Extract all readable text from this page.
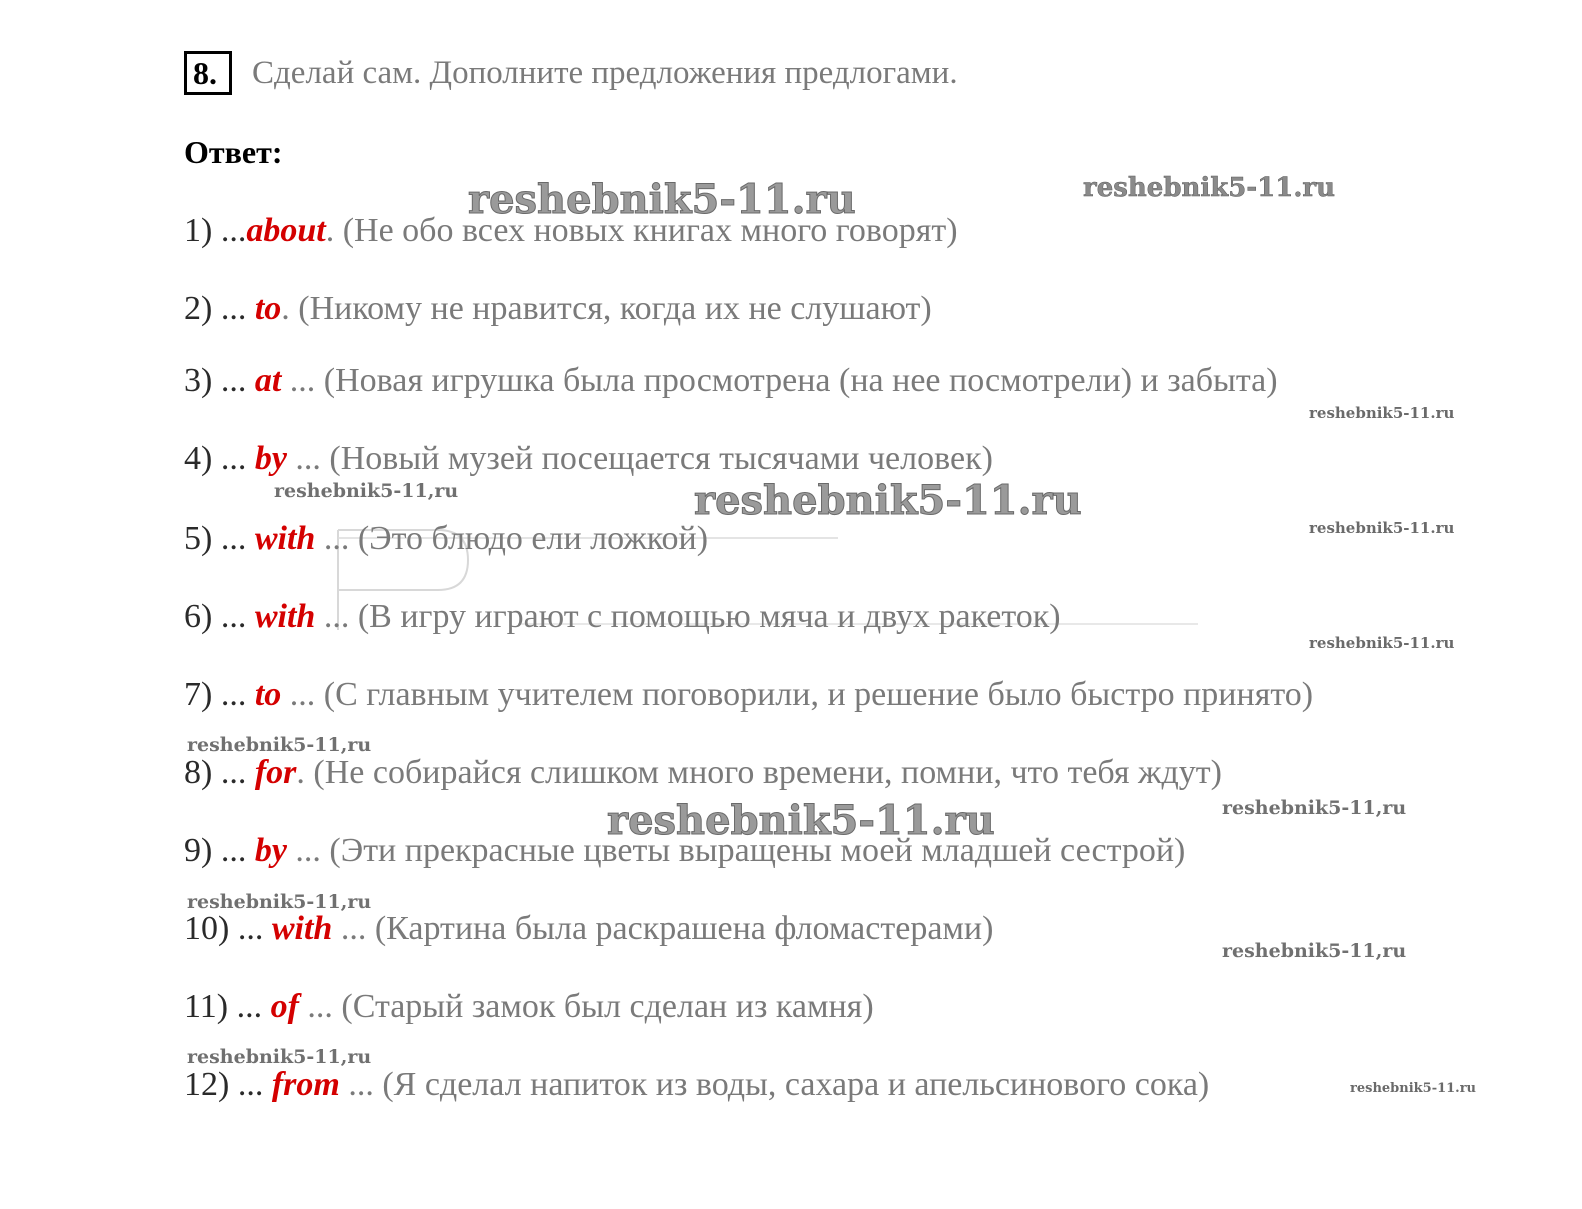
8.	Сделай сам. Дополните предложения предлогами.
Ответ:
1) ...about. (Не обо всех новых книгах много говорят)
2) ... to. (Никому не нравится, когда их не слушают)
3) ... at ... (Новая игрушка была просмотрена (на нее посмотрели) и забыта)
4) ... by ... (Новый музей посещается тысячами человек)
5) ... with ... (Это блюдо ели ложкой)
6) ... with ... (В игру играют с помощью мяча и двух ракеток)
7) ... to ... (С главным учителем поговорили, и решение было быстро принято)
8) ... for. (Не собирайся слишком много времени, помни, что тебя ждут)
9) ... by ... (Эти прекрасные цветы выращены моей младшей сестрой)
10) ... with ... (Картина была раскрашена фломастерами)
11) ... of ... (Старый замок был сделан из камня)
12) ... from ... (Я сделал напиток из воды, сахара и апельсинового сока)
reshebnik5-11.ru	reshebnik5-11.ru
reshebnik5-11.ru
reshebnik5-11,ru	reshebnik5-11.ru
reshebnik5-11.ru
reshebnik5-11.ru
reshebnik5-11,ru
reshebnik5-11.ru	reshebnik5-11,ru
reshebnik5-11,ru
reshebnik5-11,ru
reshebnik5-11,ru
reshebnik5-11.ru
